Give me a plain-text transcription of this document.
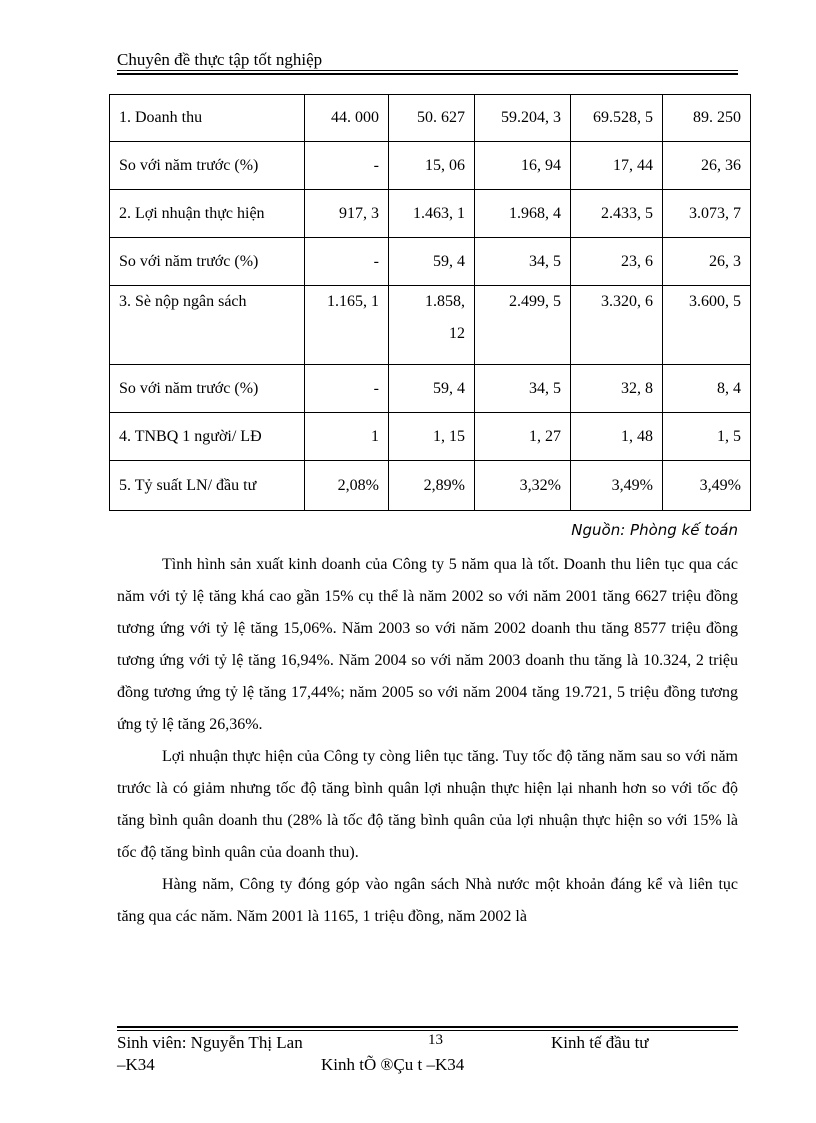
Chuyên đề thực tập tốt nghiệp
1. Doanh thu	44. 000	50. 627	59.204, 3	69.528, 5	89. 250
So với năm trước (%)	-	15, 06	16, 94	17, 44	26, 36
2. Lợi nhuận thực hiện	917, 3	1.463, 1	1.968, 4	2.433, 5	3.073, 7
So với năm trước (%)	-	59, 4	34, 5	23, 6	26, 3
3. Sè nộp ngân sách	1.165, 1	1.858, 12	2.499, 5	3.320, 6	3.600, 5
So với năm trước (%)	-	59, 4	34, 5	32, 8	8, 4
4. TNBQ 1 người/ LĐ	1	1, 15	1, 27	1, 48	1, 5
5. Tỷ suất LN/ đầu tư	2,08%	2,89%	3,32%	3,49%	3,49%
Nguồn: Phòng kế toán

Tình hình sản xuất kinh doanh của Công ty 5 năm qua là tốt. Doanh thu liên tục qua các năm với tỷ lệ tăng khá cao gần 15% cụ thể là năm 2002 so với năm 2001 tăng 6627 triệu đồng tương ứng với tỷ lệ tăng 15,06%. Năm 2003 so với năm 2002 doanh thu tăng 8577 triệu đồng tương ứng với tỷ lệ tăng 16,94%. Năm 2004 so với năm 2003 doanh thu tăng là 10.324, 2 triệu đồng tương ứng tỷ lệ tăng 17,44%; năm 2005 so với năm 2004 tăng 19.721, 5 triệu đồng tương ứng tỷ lệ tăng 26,36%.

Lợi nhuận thực hiện của Công ty còng liên tục tăng. Tuy tốc độ tăng năm sau so với năm trước là có giảm nhưng tốc độ tăng bình quân lợi nhuận thực hiện lại nhanh hơn so với tốc độ tăng bình quân doanh thu (28% là tốc độ tăng bình quân của lợi nhuận thực hiện so với 15% là tốc độ tăng bình quân của doanh thu).

Hàng năm, Công ty đóng góp vào ngân sách Nhà nước một khoản đáng kể và liên tục tăng qua các năm. Năm 2001 là 1165, 1 triệu đồng, năm 2002 là

Sinh viên: Nguyễn Thị Lan	13	Kinh tế đầu tư
–K34	Kinh tÕ ®Çu t –K34
